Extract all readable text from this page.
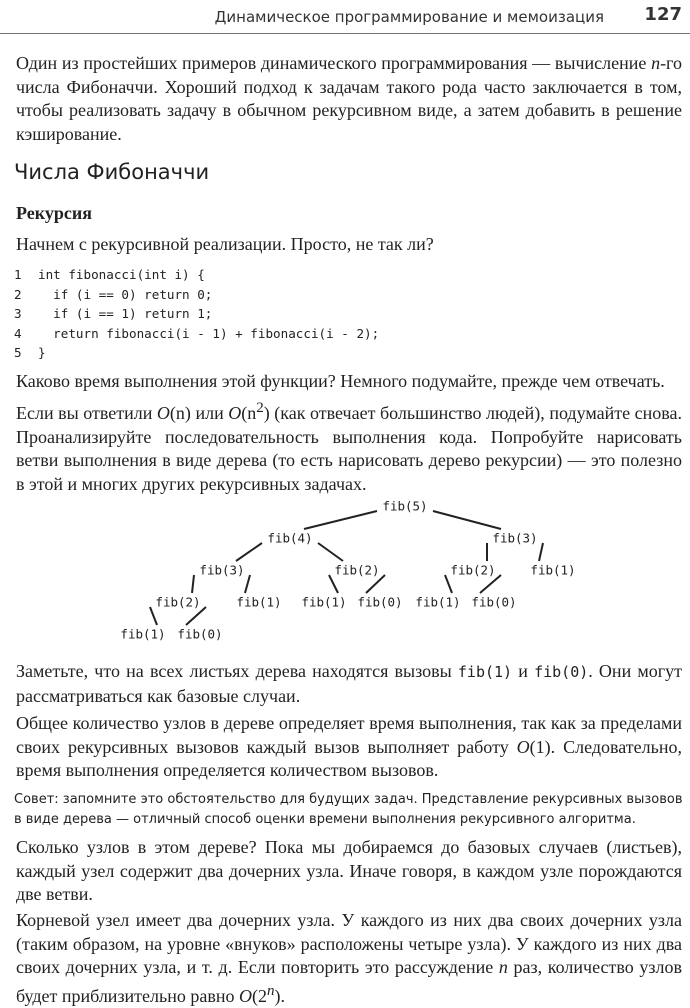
Динамическое программирование и мемоизация 127

Один из простейших примеров динамического программирования — вычисление n-го числа Фибоначчи. Хороший подход к задачам такого рода часто заключается в том, чтобы реализовать задачу в обычном рекурсивном виде, а затем добавить в решение кэширование.

Числа Фибоначчи
Рекурсия

Начнем с рекурсивной реализации. Просто, не так ли?

1	int fibonacci(int i) {
2	if (i == 0) return 0;
3	if (i == 1) return 1;
4	return fibonacci(i - 1) + fibonacci(i - 2);
5	}

Каково время выполнения этой функции? Немного подумайте, прежде чем отвечать.

Если вы ответили O(n) или $O(n^2)$ (как отвечает большинство людей), подумайте снова. Проанализируйте последовательность выполнения кода. Попробуйте нарисовать ветви выполнения в виде дерева (то есть нарисовать дерево рекурсии) — это полезно в этой и многих других рекурсивных задачах.

fib(5)
fib(4)	fib(3)
fib(3)	fib(2)	fib(2)	fib(1)
fib(2)	fib(1) fib(1) fib(0) fib(1) fib(0)
fib(1) fib(0)

Заметьте, что на всех листьях дерева находятся вызовы fib(1) и fib(0). Они могут рассматриваться как базовые случаи.

Общее количество узлов в дереве определяет время выполнения, так как за пределами своих рекурсивных вызовов каждый вызов выполняет работу O(1). Следовательно, время выполнения определяется количеством вызовов.

Совет: запомните это обстоятельство для будущих задач. Представление рекурсивных вызовов в виде дерева — отличный способ оценки времени выполнения рекурсивного алгоритма.

Сколько узлов в этом дереве? Пока мы добираемся до базовых случаев (листьев), каждый узел содержит два дочерних узла. Иначе говоря, в каждом узле порождаются две ветви.

Корневой узел имеет два дочерних узла. У каждого из них два своих дочерних узла (таким образом, на уровне «внуков» расположены четыре узла). У каждого из них два своих дочерних узла, и т. д. Если повторить это рассуждение n раз, количество узлов будет приблизительно равно O(2$^n$).
